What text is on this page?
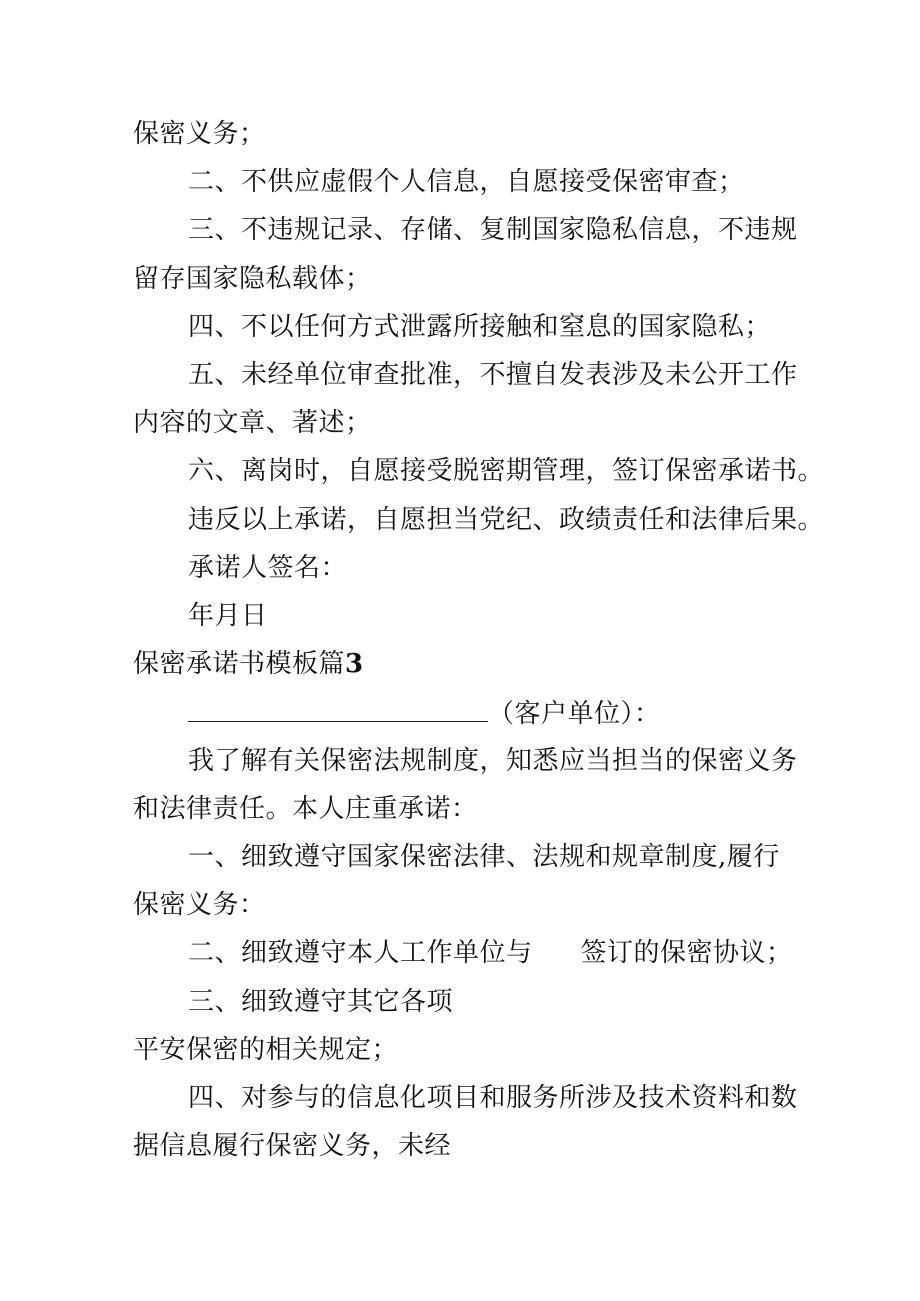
保密义务；
二、不供应虚假个人信息，自愿接受保密审查；
三、不违规记录、存储、复制国家隐私信息，不违规
留存国家隐私载体；
四、不以任何方式泄露所接触和窒息的国家隐私；
五、未经单位审查批准，不擅自发表涉及未公开工作
内容的文章、著述；
六、离岗时，自愿接受脱密期管理，签订保密承诺书。
违反以上承诺，自愿担当党纪、政绩责任和法律后果。
承诺人签名：
年月日
保密承诺书模板篇3
（客户单位）：
我了解有关保密法规制度，知悉应当担当的保密义务
和法律责任。本人庄重承诺：
一、细致遵守国家保密法律、法规和规章制度,履行
保密义务：
二、细致遵守本人工作单位与 签订的保密协议；
三、细致遵守其它各项
平安保密的相关规定；
四、对参与的信息化项目和服务所涉及技术资料和数
据信息履行保密义务，未经
